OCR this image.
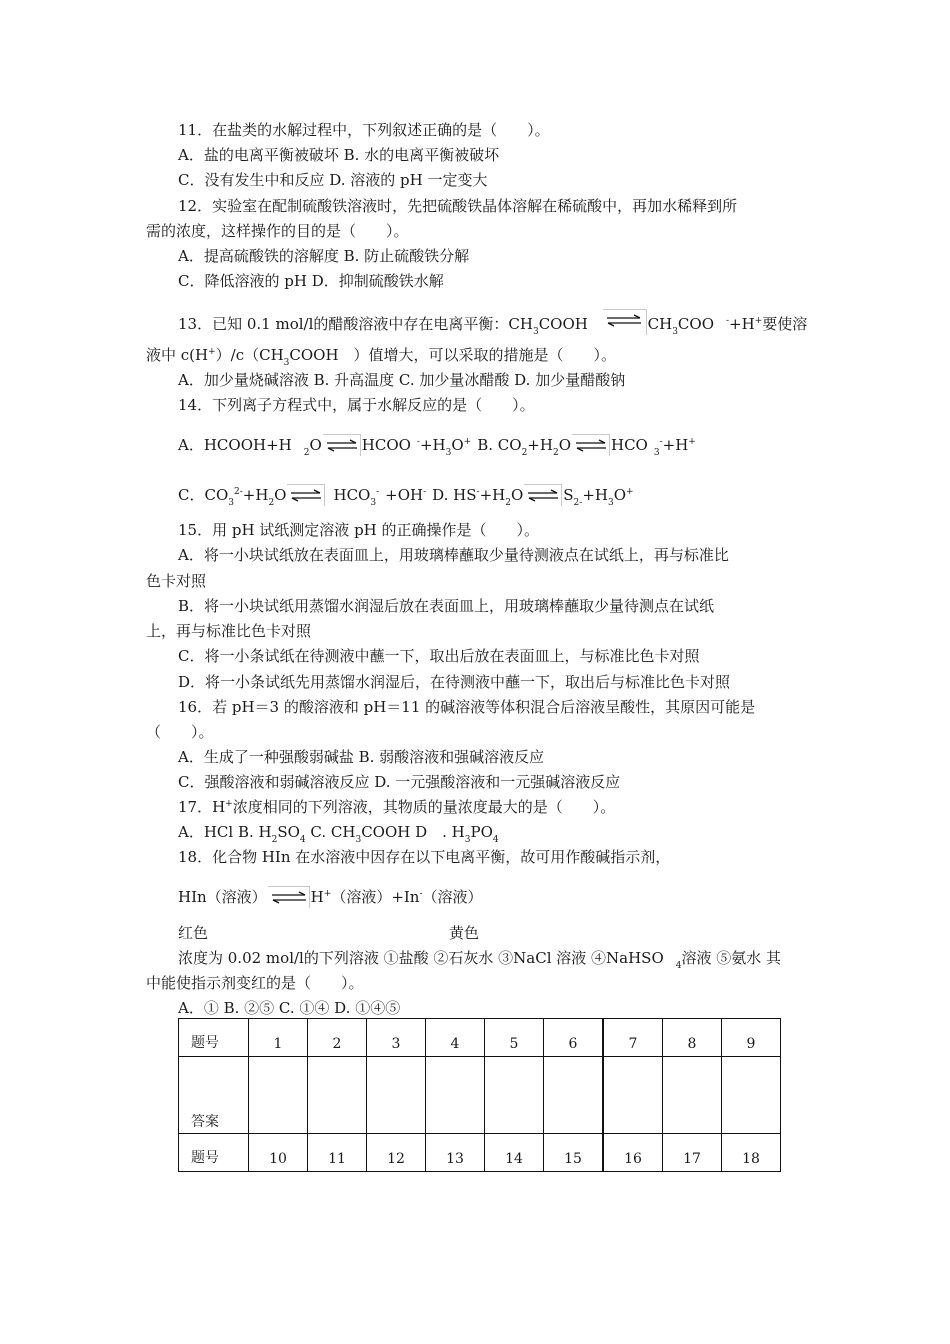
11．在盐类的水解过程中，下列叙述正确的是（　　）。
A．盐的电离平衡被破坏 B. 水的电离平衡被破坏
C．没有发生中和反应 D. 溶液的 pH 一定变大
12．实验室在配制硫酸铁溶液时，先把硫酸铁晶体溶解在稀硫酸中，再加水稀释到所
需的浓度，这样操作的目的是（　　）。
A．提高硫酸铁的溶解度 B. 防止硫酸铁分解
C．降低溶液的 pH D．抑制硫酸铁水解
13．已知 0.1 mol/l的醋酸溶液中存在电离平衡：$CH_3COOH$	$CH_3COO$ -+H+要使溶
液中 $c(H^+)/c(CH_3COOH$　）值增大，可以采取的措施是（　　）。
A．加少量烧碱溶液 B. 升高温度 C. 加少量冰醋酸 D. 加少量醋酸钠
14．下列离子方程式中，属于水解反应的是（　　）。
A．HCOOH+H $_2$O	HCOO $^-+H_3O^+$ B. $CO_2+H_2O$	HCO $_3$-+H+
C．$CO_3^{2-}+H_2O$	$HCO_3^- +OH^-$ D. $HS^-+H_2O$	$S_{2-}+H_3O^+$
15．用 pH 试纸测定溶液 pH 的正确操作是（　　）。
A．将一小块试纸放在表面皿上，用玻璃棒蘸取少量待测液点在试纸上，再与标准比
色卡对照
B．将一小块试纸用蒸馏水润湿后放在表面皿上，用玻璃棒蘸取少量待测点在试纸
上，再与标准比色卡对照
C．将一小条试纸在待测液中蘸一下，取出后放在表面皿上，与标准比色卡对照
D．将一小条试纸先用蒸馏水润湿后，在待测液中蘸一下，取出后与标准比色卡对照
16．若 pH＝3 的酸溶液和 pH＝11 的碱溶液等体积混合后溶液呈酸性，其原因可能是
（　　）。
A．生成了一种强酸弱碱盐 B. 弱酸溶液和强碱溶液反应
C．强酸溶液和弱碱溶液反应 D. 一元强酸溶液和一元强碱溶液反应
17．H+浓度相同的下列溶液，其物质的量浓度最大的是（　　）。
A．HCl B. $H_2SO_4$ C. $CH_3COOH$ D　. $H_3PO_4$
18．化合物 HIn 在水溶液中因存在以下电离平衡，故可用作酸碱指示剂，
HIn（溶液）	H+（溶液）+In-（溶液）
红色	黄色
浓度为 0.02 mol/l的下列溶液 ①盐酸 ②石灰水 ③NaCl 溶液 ④NaHSO $_4$溶液 ⑤氨水 其
中能使指示剂变红的是（　　）。
A．① B. ②⑤ C. ①④ D. ①④⑤
题号	1	2	3	4	5	6	7	8	9
答案									
题号	10	11	12	13	14	15	16	17	18
